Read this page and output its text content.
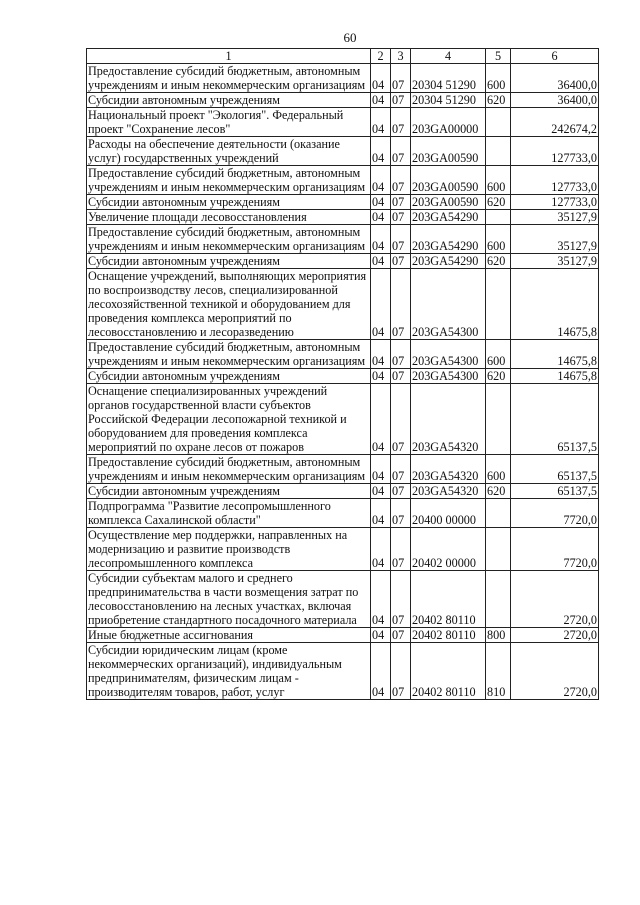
60
1	2	3	4	5	6
Предоставление субсидий бюджетным, автономным учреждениям и иным некоммерческим организациям	04	07	20304 51290	600	36400,0
Субсидии автономным учреждениям	04	07	20304 51290	620	36400,0
Национальный проект "Экология". Федеральный проект "Сохранение лесов"	04	07	203GA00000		242674,2
Расходы на обеспечение деятельности (оказание услуг) государственных учреждений	04	07	203GA00590		127733,0
Предоставление субсидий бюджетным, автономным учреждениям и иным некоммерческим организациям	04	07	203GA00590	600	127733,0
Субсидии автономным учреждениям	04	07	203GA00590	620	127733,0
Увеличение площади лесовосстановления	04	07	203GA54290		35127,9
Предоставление субсидий бюджетным, автономным учреждениям и иным некоммерческим организациям	04	07	203GA54290	600	35127,9
Субсидии автономным учреждениям	04	07	203GA54290	620	35127,9
Оснащение учреждений, выполняющих мероприятия по воспроизводству лесов, специализированной лесохозяйственной техникой и оборудованием для проведения комплекса мероприятий по лесовосстановлению и лесоразведению	04	07	203GA54300		14675,8
Предоставление субсидий бюджетным, автономным учреждениям и иным некоммерческим организациям	04	07	203GA54300	600	14675,8
Субсидии автономным учреждениям	04	07	203GA54300	620	14675,8
Оснащение специализированных учреждений органов государственной власти субъектов Российской Федерации лесопожарной техникой и оборудованием для проведения комплекса мероприятий по охране лесов от пожаров	04	07	203GA54320		65137,5
Предоставление субсидий бюджетным, автономным учреждениям и иным некоммерческим организациям	04	07	203GA54320	600	65137,5
Субсидии автономным учреждениям	04	07	203GA54320	620	65137,5
Подпрограмма "Развитие лесопромышленного комплекса Сахалинской области"	04	07	20400 00000		7720,0
Осуществление мер поддержки, направленных на модернизацию и развитие производств лесопромышленного комплекса	04	07	20402 00000		7720,0
Субсидии субъектам малого и среднего предпринимательства в части возмещения затрат по лесовосстановлению на лесных участках, включая приобретение стандартного посадочного материала	04	07	20402 80110		2720,0
Иные бюджетные ассигнования	04	07	20402 80110	800	2720,0
Субсидии юридическим лицам (кроме некоммерческих организаций), индивидуальным предпринимателям, физическим лицам - производителям товаров, работ, услуг	04	07	20402 80110	810	2720,0
